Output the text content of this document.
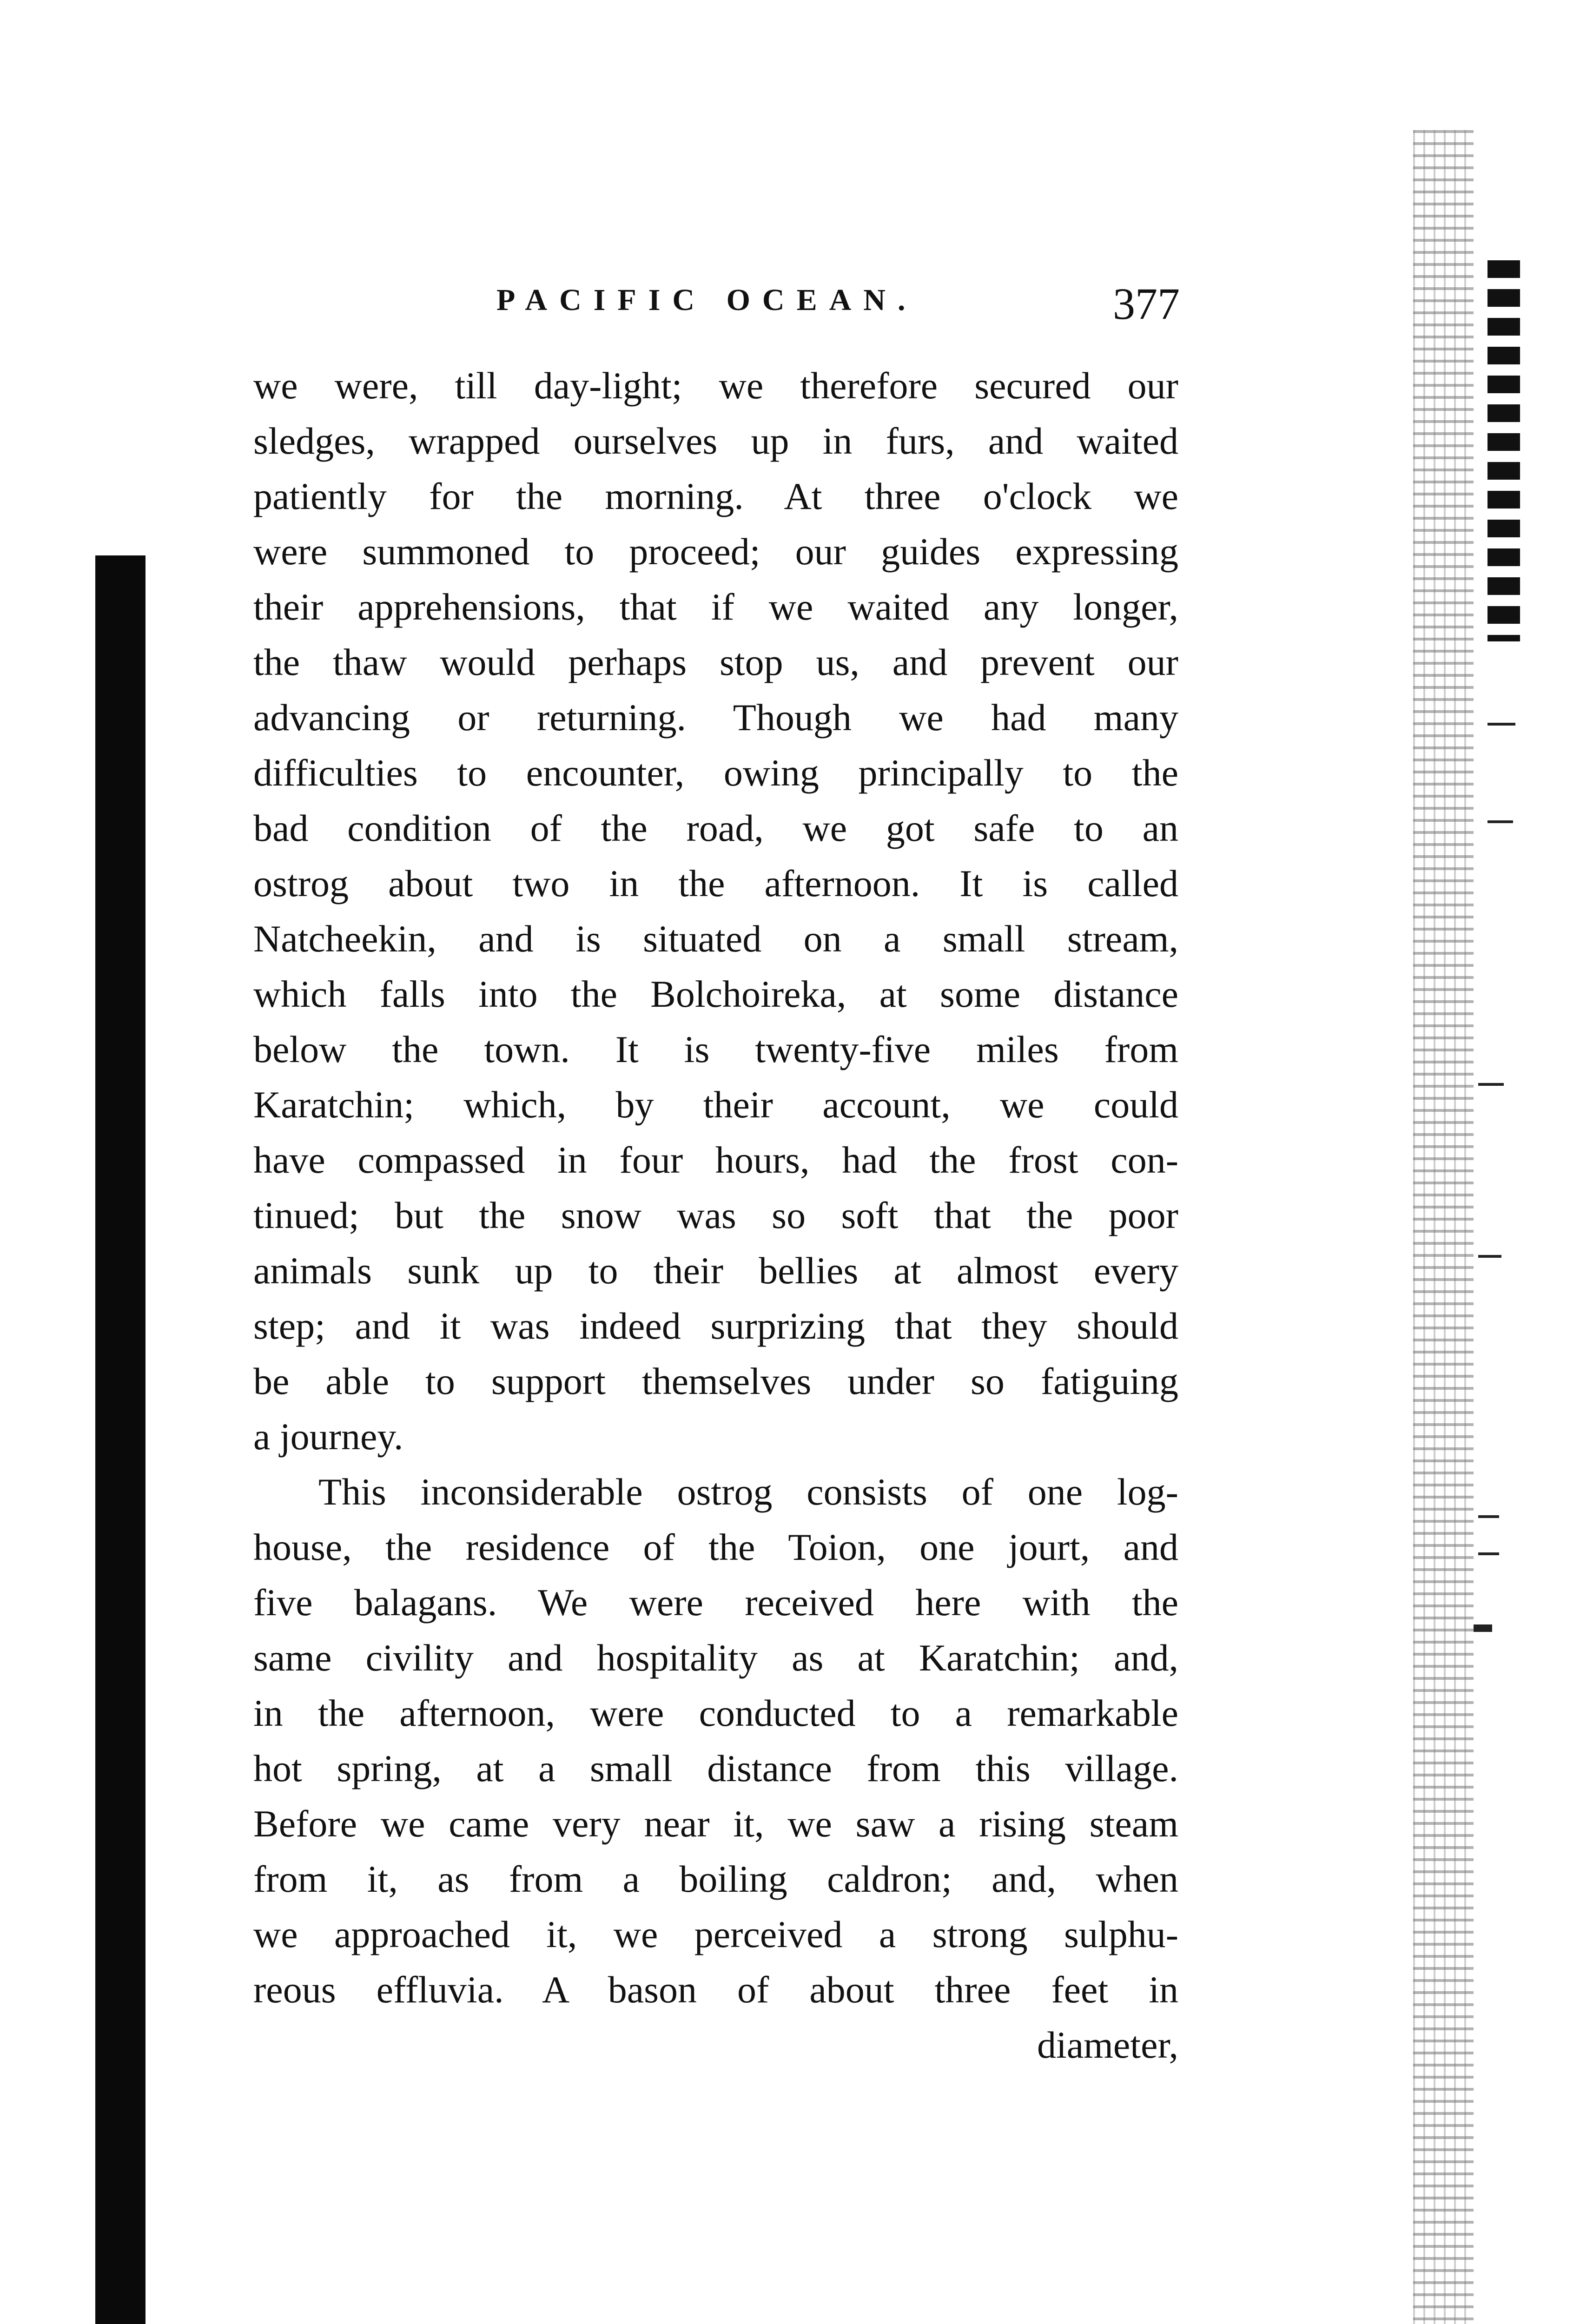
PACIFIC OCEAN.	377
we were, till day-light; we therefore secured our
sledges, wrapped ourselves up in furs, and waited
patiently for the morning. At three o'clock we
were summoned to proceed; our guides expressing
their apprehensions, that if we waited any longer,
the thaw would perhaps stop us, and prevent our
advancing or returning. Though we had many
difficulties to encounter, owing principally to the
bad condition of the road, we got safe to an
ostrog about two in the afternoon. It is called
Natcheekin, and is situated on a small stream,
which falls into the Bolchoireka, at some distance
below the town. It is twenty-five miles from
Karatchin; which, by their account, we could
have compassed in four hours, had the frost con-
tinued; but the snow was so soft that the poor
animals sunk up to their bellies at almost every
step; and it was indeed surprizing that they should
be able to support themselves under so fatiguing
a journey.
This inconsiderable ostrog consists of one log-
house, the residence of the Toion, one jourt, and
five balagans. We were received here with the
same civility and hospitality as at Karatchin; and,
in the afternoon, were conducted to a remarkable
hot spring, at a small distance from this village.
Before we came very near it, we saw a rising steam
from it, as from a boiling caldron; and, when
we approached it, we perceived a strong sulphu-
reous effluvia. A bason of about three feet in
diameter,
